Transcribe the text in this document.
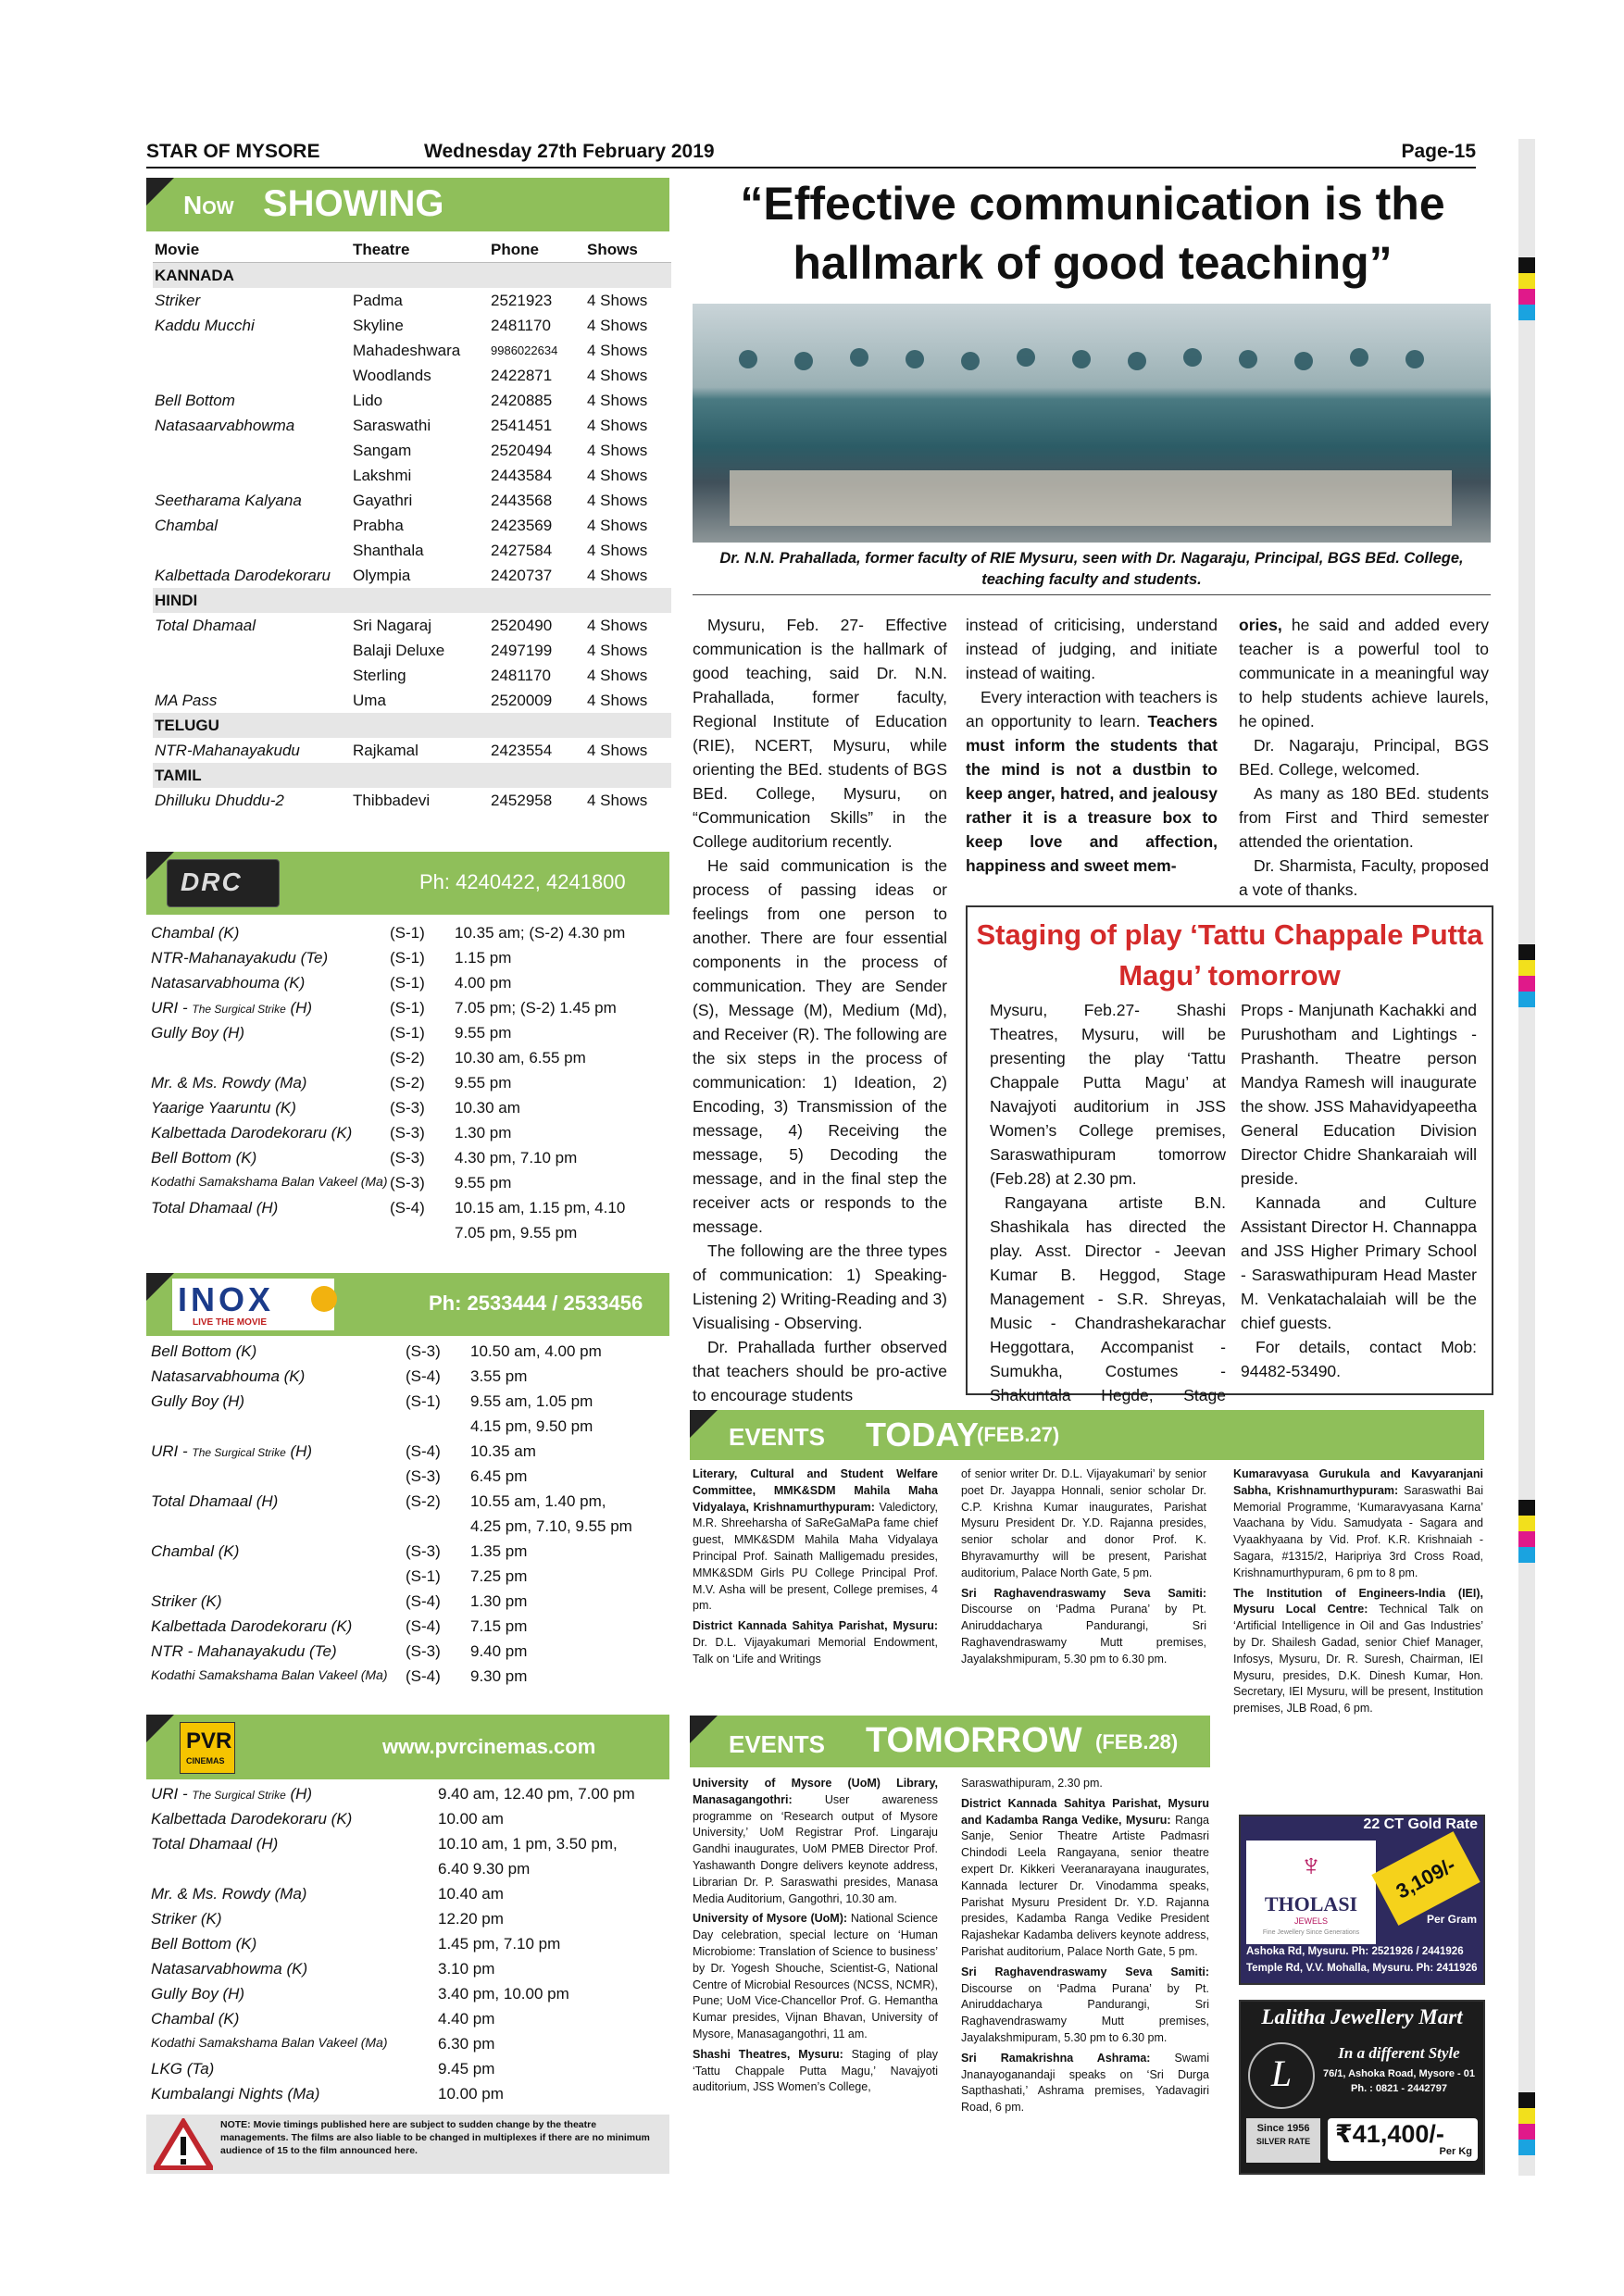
STAR OF MYSORE	Wednesday 27th February 2019	Page-15
Now SHOWING
Movie	Theatre	Phone	Shows
KANNADA			
Striker	Padma	2521923	4 Shows
Kaddu Mucchi	Skyline	2481170	4 Shows
	Mahadeshwara	9986022634	4 Shows
	Woodlands	2422871	4 Shows
Bell Bottom	Lido	2420885	4 Shows
Natasaarvabhowma	Saraswathi	2541451	4 Shows
	Sangam	2520494	4 Shows
	Lakshmi	2443584	4 Shows
Seetharama Kalyana	Gayathri	2443568	4 Shows
Chambal	Prabha	2423569	4 Shows
	Shanthala	2427584	4 Shows
Kalbettada Darodekoraru	Olympia	2420737	4 Shows
HINDI			
Total Dhamaal	Sri Nagaraj	2520490	4 Shows
	Balaji Deluxe	2497199	4 Shows
	Sterling	2481170	4 Shows
MA Pass	Uma	2520009	4 Shows
TELUGU			
NTR-Mahanayakudu	Rajkamal	2423554	4 Shows
TAMIL			
Dhilluku Dhuddu-2	Thibbadevi	2452958	4 Shows
DRC	Ph: 4240422, 4241800
Chambal (K)	(S-1)	10.35 am; (S-2) 4.30 pm
NTR-Mahanayakudu (Te)	(S-1)	1.15 pm
Natasarvabhouma (K)	(S-1)	4.00 pm
URI - The Surgical Strike (H)	(S-1)	7.05 pm; (S-2) 1.45 pm
Gully Boy (H)	(S-1)	9.55 pm
	(S-2)	10.30 am, 6.55 pm
Mr. & Ms. Rowdy (Ma)	(S-2)	9.55 pm
Yaarige Yaaruntu (K)	(S-3)	10.30 am
Kalbettada Darodekoraru (K)	(S-3)	1.30 pm
Bell Bottom (K)	(S-3)	4.30 pm, 7.10 pm
Kodathi Samakshama Balan Vakeel (Ma)	(S-3)	9.55 pm
Total Dhamaal (H)	(S-4)	10.15 am, 1.15 pm, 4.10
		7.05 pm, 9.55 pm
INOX
LIVE THE MOVIE
Ph: 2533444 / 2533456
Bell Bottom (K)	(S-3)	10.50 am, 4.00 pm
Natasarvabhouma (K)	(S-4)	3.55 pm
Gully Boy (H)	(S-1)	9.55 am, 1.05 pm
		4.15 pm, 9.50 pm
URI - The Surgical Strike (H)	(S-4)	10.35 am
	(S-3)	6.45 pm
Total Dhamaal (H)	(S-2)	10.55 am, 1.40 pm,
		4.25 pm, 7.10, 9.55 pm
Chambal (K)	(S-3)	1.35 pm
	(S-1)	7.25 pm
Striker (K)	(S-4)	1.30 pm
Kalbettada Darodekoraru (K)	(S-4)	7.15 pm
NTR - Mahanayakudu (Te)	(S-3)	9.40 pm
Kodathi Samakshama Balan Vakeel (Ma)	(S-4)	9.30 pm
PVR
CINEMAS
www.pvrcinemas.com
URI - The Surgical Strike (H)	9.40 am, 12.40 pm, 7.00 pm
Kalbettada Darodekoraru (K)	10.00 am
Total Dhamaal (H)	10.10 am, 1 pm, 3.50 pm,
	6.40 9.30 pm
Mr. & Ms. Rowdy (Ma)	10.40 am
Striker (K)	12.20 pm
Bell Bottom (K)	1.45 pm, 7.10 pm
Natasarvabhowma (K)	3.10 pm
Gully Boy (H)	3.40 pm, 10.00 pm
Chambal (K)	4.40 pm
Kodathi Samakshama Balan Vakeel (Ma)	6.30 pm
LKG (Ta)	9.45 pm
Kumbalangi Nights (Ma)	10.00 pm
NOTE: Movie timings published here are subject to sudden change by the theatre managements. The films are also liable to be changed in multiplexes if there are no minimum audience of 15 to the film announced here.
“Effective communication is the hallmark of good teaching”
Dr. N.N. Prahallada, former faculty of RIE Mysuru, seen with Dr. Nagaraju, Principal, BGS BEd. College, teaching faculty and students.

Mysuru, Feb. 27- Effective communication is the hallmark of good teaching, said Dr. N.N. Prahallada, former faculty, Regional Institute of Education (RIE), NCERT, Mysuru, while orienting the BEd. students of BGS BEd. College, Mysuru, on “Communication Skills” in the College auditorium recently.

He said communication is the process of passing ideas or feelings from one person to another. There are four essential components in the process of communication. They are Sender (S), Message (M), Medium (Md), and Receiver (R). The following are the six steps in the process of communication: 1) Ideation, 2) Encoding, 3) Transmission of the message, 4) Receiving the message, 5) Decoding the message, and in the final step the receiver acts or responds to the message.

The following are the three types of communication: 1) Speaking-Listening 2) Writing-Reading and 3) Visualising - Observing.

Dr. Prahallada further observed that teachers should be pro-active to encourage students

instead of criticising, understand instead of judging, and initiate instead of waiting.

Every interaction with teachers is an opportunity to learn. Teachers must inform the students that the mind is not a dustbin to keep anger, hatred, and jealousy rather it is a treasure box to keep love and affection, happiness and sweet mem-

ories, he said and added every teacher is a powerful tool to communicate in a meaningful way to help students achieve laurels, he opined.

Dr. Nagaraju, Principal, BGS BEd. College, welcomed.

As many as 180 BEd. students from First and Third semester attended the orientation.

Dr. Sharmista, Faculty, proposed a vote of thanks.

Staging of play ‘Tattu Chappale Putta Magu’ tomorrow

Mysuru, Feb.27- Shashi Theatres, Mysuru, will be presenting the play ‘Tattu Chappale Putta Magu’ at Navajyoti auditorium in JSS Women’s College premises, Saraswathipuram tomorrow (Feb.28) at 2.30 pm.

Rangayana artiste B.N. Shashikala has directed the play. Asst. Director - Jeevan Kumar B. Heggod, Stage Management - S.R. Shreyas, Music - Chandrashekarachar Heggottara, Accompanist - Sumukha, Costumes - Shakuntala Hegde, Stage

Props - Manjunath Kachakki and Purushotham and Lightings - Prashanth. Theatre person Mandya Ramesh will inaugurate the show. JSS Mahavidyapeetha General Education Division Director Chidre Shankaraiah will preside.

Kannada and Culture Assistant Director H. Channappa and JSS Higher Primary School - Saraswathipuram Head Master M. Venkatachalaiah will be the chief guests.

For details, contact Mob: 94482-53490.

EVENTS TODAY
(FEB.27)

Literary, Cultural and Student Welfare Committee, MMK&SDM Mahila Maha Vidyalaya, Krishnamurthypuram: Valedictory, M.R. Shreeharsha of SaReGaMaPa fame chief guest, MMK&SDM Mahila Maha Vidyalaya Principal Prof. Sainath Malligemadu presides, MMK&SDM Girls PU College Principal Prof. M.V. Asha will be present, College premises, 4 pm.

District Kannada Sahitya Parishat, Mysuru: Dr. D.L. Vijayakumari Memorial Endowment, Talk on ‘Life and Writings

of senior writer Dr. D.L. Vijayakumari’ by senior poet Dr. Jayappa Honnali, senior scholar Dr. C.P. Krishna Kumar inaugurates, Parishat Mysuru President Dr. Y.D. Rajanna presides, senior scholar and donor Prof. K. Bhyravamurthy will be present, Parishat auditorium, Palace North Gate, 5 pm.

Sri Raghavendraswamy Seva Samiti: Discourse on ‘Padma Purana’ by Pt. Aniruddacharya Pandurangi, Sri Raghavendraswamy Mutt premises, Jayalakshmipuram, 5.30 pm to 6.30 pm.

Kumaravyasa Gurukula and Kavyaranjani Sabha, Krishnamurthypuram: Saraswathi Bai Memorial Programme, ‘Kumaravyasana Karna’ Vaachana by Vidu. Samudyata - Sagara and Vyaakhyaana by Vid. Prof. K.R. Krishnaiah - Sagara, #1315/2, Haripriya 3rd Cross Road, Krishnamurthypuram, 6 pm to 8 pm.

The Institution of Engineers-India (IEI), Mysuru Local Centre: Technical Talk on ‘Artificial Intelligence in Oil and Gas Industries’ by Dr. Shailesh Gadad, senior Chief Manager, Infosys, Mysuru, Dr. R. Suresh, Chairman, IEI Mysuru, presides, D.K. Dinesh Kumar, Hon. Secretary, IEI Mysuru, will be present, Institution premises, JLB Road, 6 pm.

EVENTS TOMORROW (FEB.28)

University of Mysore (UoM) Library, Manasagangothri: User awareness programme on ‘Research output of Mysore University,’ UoM Registrar Prof. Lingaraju Gandhi inaugurates, UoM PMEB Director Prof. Yashawanth Dongre delivers keynote address, Librarian Dr. P. Saraswathi presides, Manasa Media Auditorium, Gangothri, 10.30 am.

University of Mysore (UoM): National Science Day celebration, special lecture on ‘Human Microbiome: Translation of Science to business’ by Dr. Yogesh Shouche, Scientist-G, National Centre of Microbial Resources (NCSS, NCMR), Pune; UoM Vice-Chancellor Prof. G. Hemantha Kumar presides, Vijnan Bhavan, University of Mysore, Manasagangothri, 11 am.

Shashi Theatres, Mysuru: Staging of play ‘Tattu Chappale Putta Magu,’ Navajyoti auditorium, JSS Women’s College,

Saraswathipuram, 2.30 pm.

District Kannada Sahitya Parishat, Mysuru and Kadamba Ranga Vedike, Mysuru: Ranga Sanje, Senior Theatre Artiste Padmasri Chindodi Leela Rangayana, senior theatre expert Dr. Kikkeri Veeranarayana inaugurates, Kannada lecturer Dr. Vinodamma speaks, Parishat Mysuru President Dr. Y.D. Rajanna presides, Kadamba Ranga Vedike President Rajashekar Kadamba delivers keynote address, Parishat auditorium, Palace North Gate, 5 pm.

Sri Raghavendraswamy Seva Samiti: Discourse on ‘Padma Purana’ by Pt. Aniruddacharya Pandurangi, Sri Raghavendraswamy Mutt premises, Jayalakshmipuram, 5.30 pm to 6.30 pm.

Sri Ramakrishna Ashrama: Swami Jnanayoganandaji speaks on ‘Sri Durga Sapthashati,’ Ashrama premises, Yadavagiri Road, 6 pm.

22 CT Gold Rate
♆
THOLASI
JEWELS
Fine Jewellery Since Generations
3,109/-
Per Gram
Ashoka Rd, Mysuru. Ph: 2521926 / 2441926
Temple Rd, V.V. Mohalla, Mysuru. Ph: 2411926
Lalitha Jewellery Mart
L	In a different Style
76/1, Ashoka Road, Mysore - 01
Ph. : 0821 - 2442797
Since 1956
SILVER RATE ₹41,400/-
Per Kg
